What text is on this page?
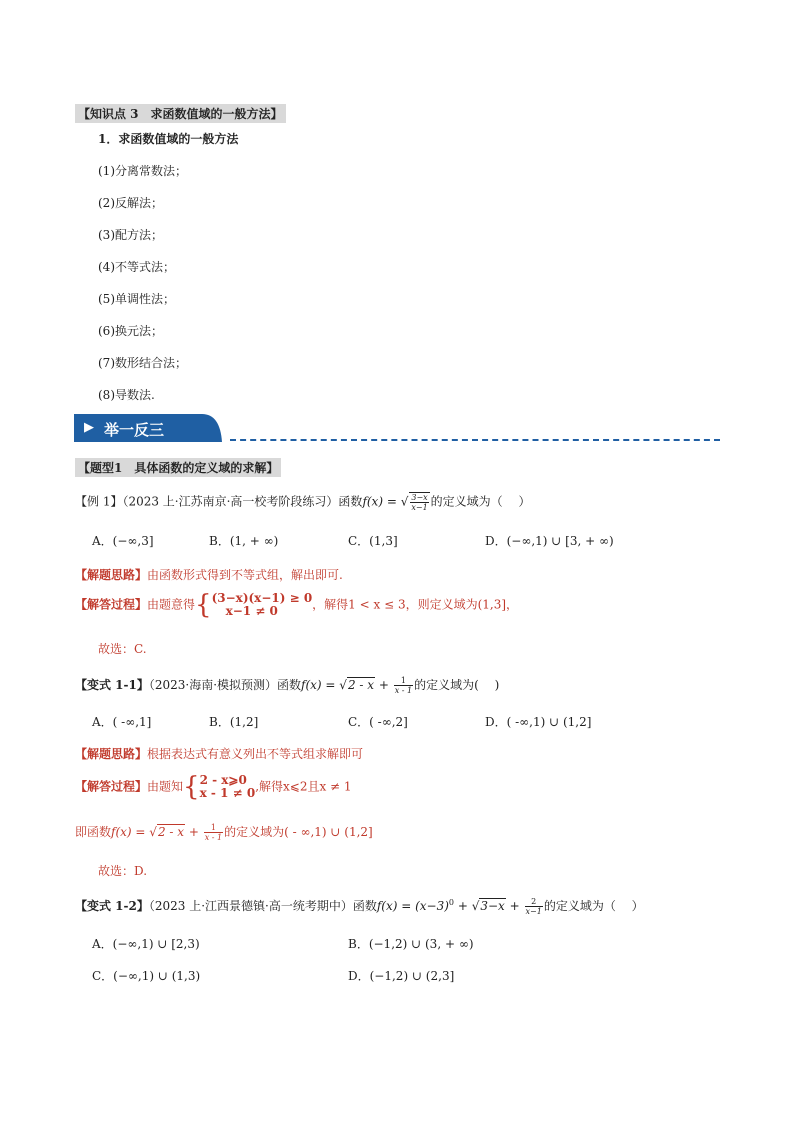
【知识点 3　求函数值域的一般方法】
1．求函数值域的一般方法
(1)分离常数法；
(2)反解法；
(3)配方法；
(4)不等式法；
(5)单调性法；
(6)换元法；
(7)数形结合法；
(8)导数法.
▶ 举一反三
【题型1　具体函数的定义域的求解】
【例 1】（2023 上·江苏南京·高一校考阶段练习）函数f(x) = √ $\frac{3-x}{x-1}$ 的定义域为（　 ）
A．(−∞,3]	B．(1, + ∞)	C．(1,3]	D．(−∞,1) ∪ [3, + ∞)
【解题思路】由函数形式得到不等式组，解出即可.
【解答过程】由题意得{ (3−x)(x−1) ≥ 0
x−1 ≠ 0	，解得1 < x ≤ 3，则定义域为(1,3]，
故选：C.
【变式 1-1】（2023·海南·模拟预测）函数$f(x) = √2 - x + \frac{1}{x - 1}$ 的定义域为(　 )
A．( -∞,1]	B．(1,2]	C．( -∞,2]	D．( -∞,1) ∪ (1,2]
【解题思路】根据表达式有意义列出不等式组求解即可
【解答过程】由题知{ 2 - x⩾0
x - 1 ≠ 0 ,解得x⩽2且x ≠ 1
即函数$f(x) = √2 - x + \frac{1}{x - 1}$ 的定义域为( - ∞,1) ∪ (1,2]
故选：D.
【变式 1-2】（2023 上·江西景德镇·高一统考期中）函数$f(x) = (x-3)^0 + √3-x + \frac{2}{x-1}$ 的定义域为（　 ）
A．(−∞,1) ∪ [2,3)	B．(−1,2) ∪ (3, + ∞)
C．(−∞,1) ∪ (1,3)	D．(−1,2) ∪ (2,3]
